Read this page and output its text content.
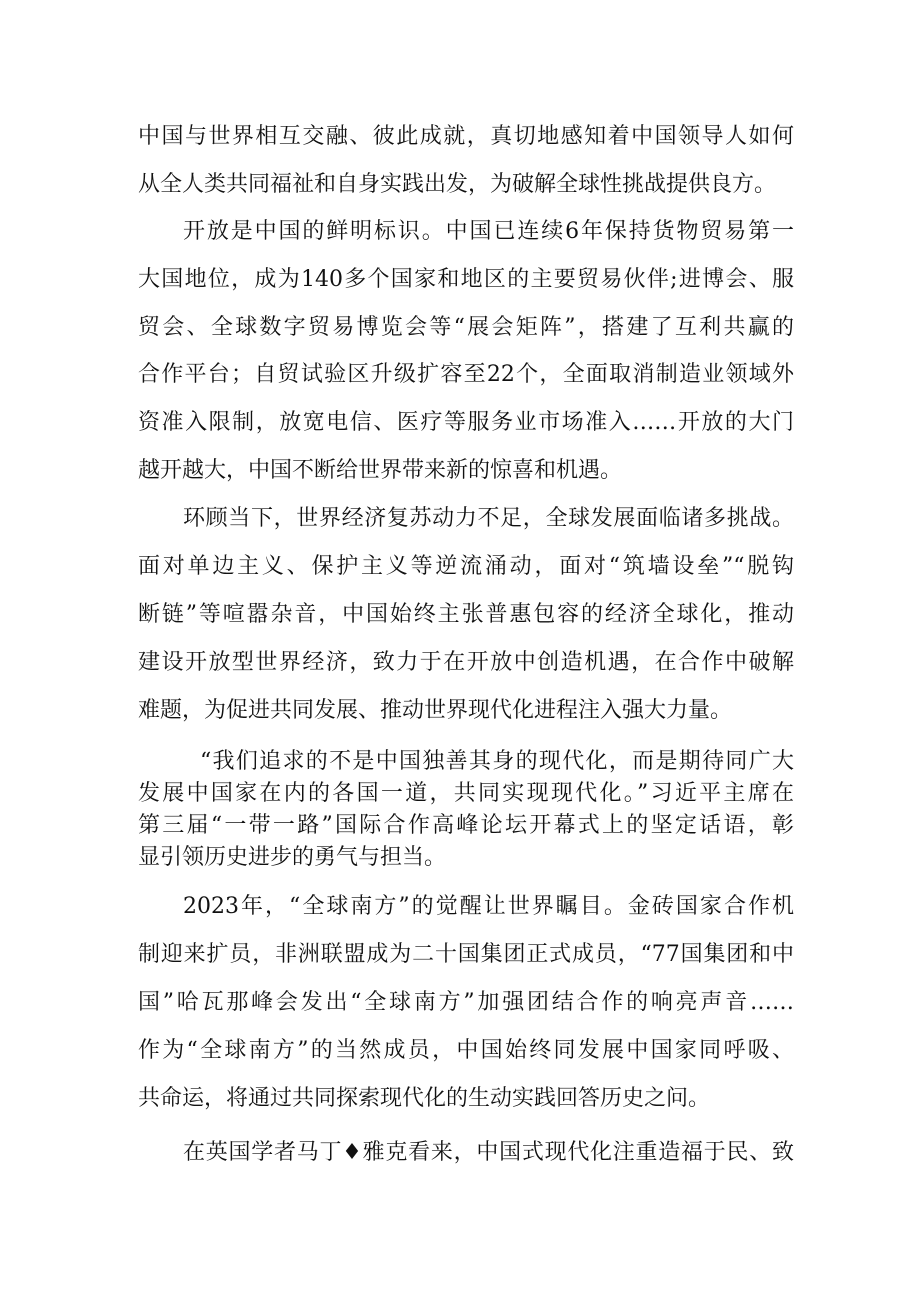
中国与世界相互交融、彼此成就，真切地感知着中国领导人如何
从全人类共同福祉和自身实践出发，为破解全球性挑战提供良方。
开放是中国的鲜明标识。中国已连续6年保持货物贸易第一
大国地位，成为140多个国家和地区的主要贸易伙伴;进博会、服
贸会、全球数字贸易博览会等“展会矩阵”，搭建了互利共赢的
合作平台；自贸试验区升级扩容至22个，全面取消制造业领域外
资准入限制，放宽电信、医疗等服务业市场准入……开放的大门
越开越大，中国不断给世界带来新的惊喜和机遇。
环顾当下，世界经济复苏动力不足，全球发展面临诸多挑战。
面对单边主义、保护主义等逆流涌动，面对“筑墙设垒”“脱钩
断链”等喧嚣杂音，中国始终主张普惠包容的经济全球化，推动
建设开放型世界经济，致力于在开放中创造机遇，在合作中破解
难题，为促进共同发展、推动世界现代化进程注入强大力量。
“我们追求的不是中国独善其身的现代化，而是期待同广大
发展中国家在内的各国一道，共同实现现代化。”习近平主席在
第三届“一带一路”国际合作高峰论坛开幕式上的坚定话语，彰
显引领历史进步的勇气与担当。
2023年，“全球南方”的觉醒让世界瞩目。金砖国家合作机
制迎来扩员，非洲联盟成为二十国集团正式成员，“77国集团和中
国”哈瓦那峰会发出“全球南方”加强团结合作的响亮声音……
作为“全球南方”的当然成员，中国始终同发展中国家同呼吸、
共命运，将通过共同探索现代化的生动实践回答历史之问。
在英国学者马丁♦雅克看来，中国式现代化注重造福于民、致
